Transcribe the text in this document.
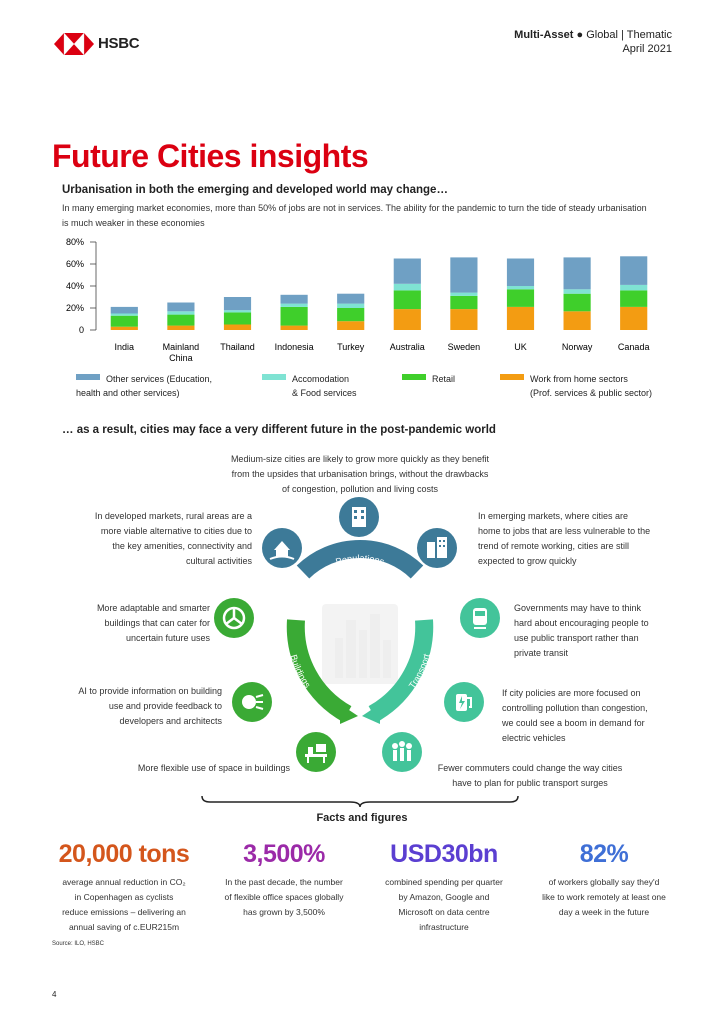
HSBC	Multi-Asset ● Global | Thematic
April 2021
Future Cities insights
Urbanisation in both the emerging and developed world may change…
In many emerging market economies, more than 50% of jobs are not in services. The ability for the pandemic to turn the tide of steady urbanisation is much weaker in these economies
80%
60%
40%
20%
0
India	Mainland
China
Thailand Indonesia	Turkey	Australia	Sweden	UK	Norway	Canada
Other services (Education,
health and other services)
Accomodation
& Food services
Retail	Work from home sectors
(Prof. services & public sector)
… as a result, cities may face a very different future in the post-pandemic world
Populations
Buildings	Transport
Medium-size cities are likely to grow more quickly as they benefit
from the upsides that urbanisation brings, without the drawbacks
of congestion, pollution and living costs
In developed markets, rural areas are a
more viable alternative to cities due to
the key amenities, connectivity and
cultural activities
In emerging markets, where cities are
home to jobs that are less vulnerable to the
trend of remote working, cities are still
expected to grow quickly
More adaptable and smarter
buildings that can cater for
uncertain future uses
Governments may have to think
hard about encouraging people to
use public transport rather than
private transit
AI to provide information on building
use and provide feedback to
developers and architects
If city policies are more focused on
controlling pollution than congestion,
we could see a boom in demand for
electric vehicles
More flexible use of space in buildings	Fewer commuters could change the way cities
have to plan for public transport surges
Facts and figures
20,000 tons
average annual reduction in CO₂
in Copenhagen as cyclists
reduce emissions – delivering an
annual saving of c.EUR215m
3,500%
In the past decade, the number
of flexible office spaces globally
has grown by 3,500%
USD30bn
combined spending per quarter
by Amazon, Google and
Microsoft on data centre
infrastructure
82%
of workers globally say they'd
like to work remotely at least one
day a week in the future
Source: ILO, HSBC
4
